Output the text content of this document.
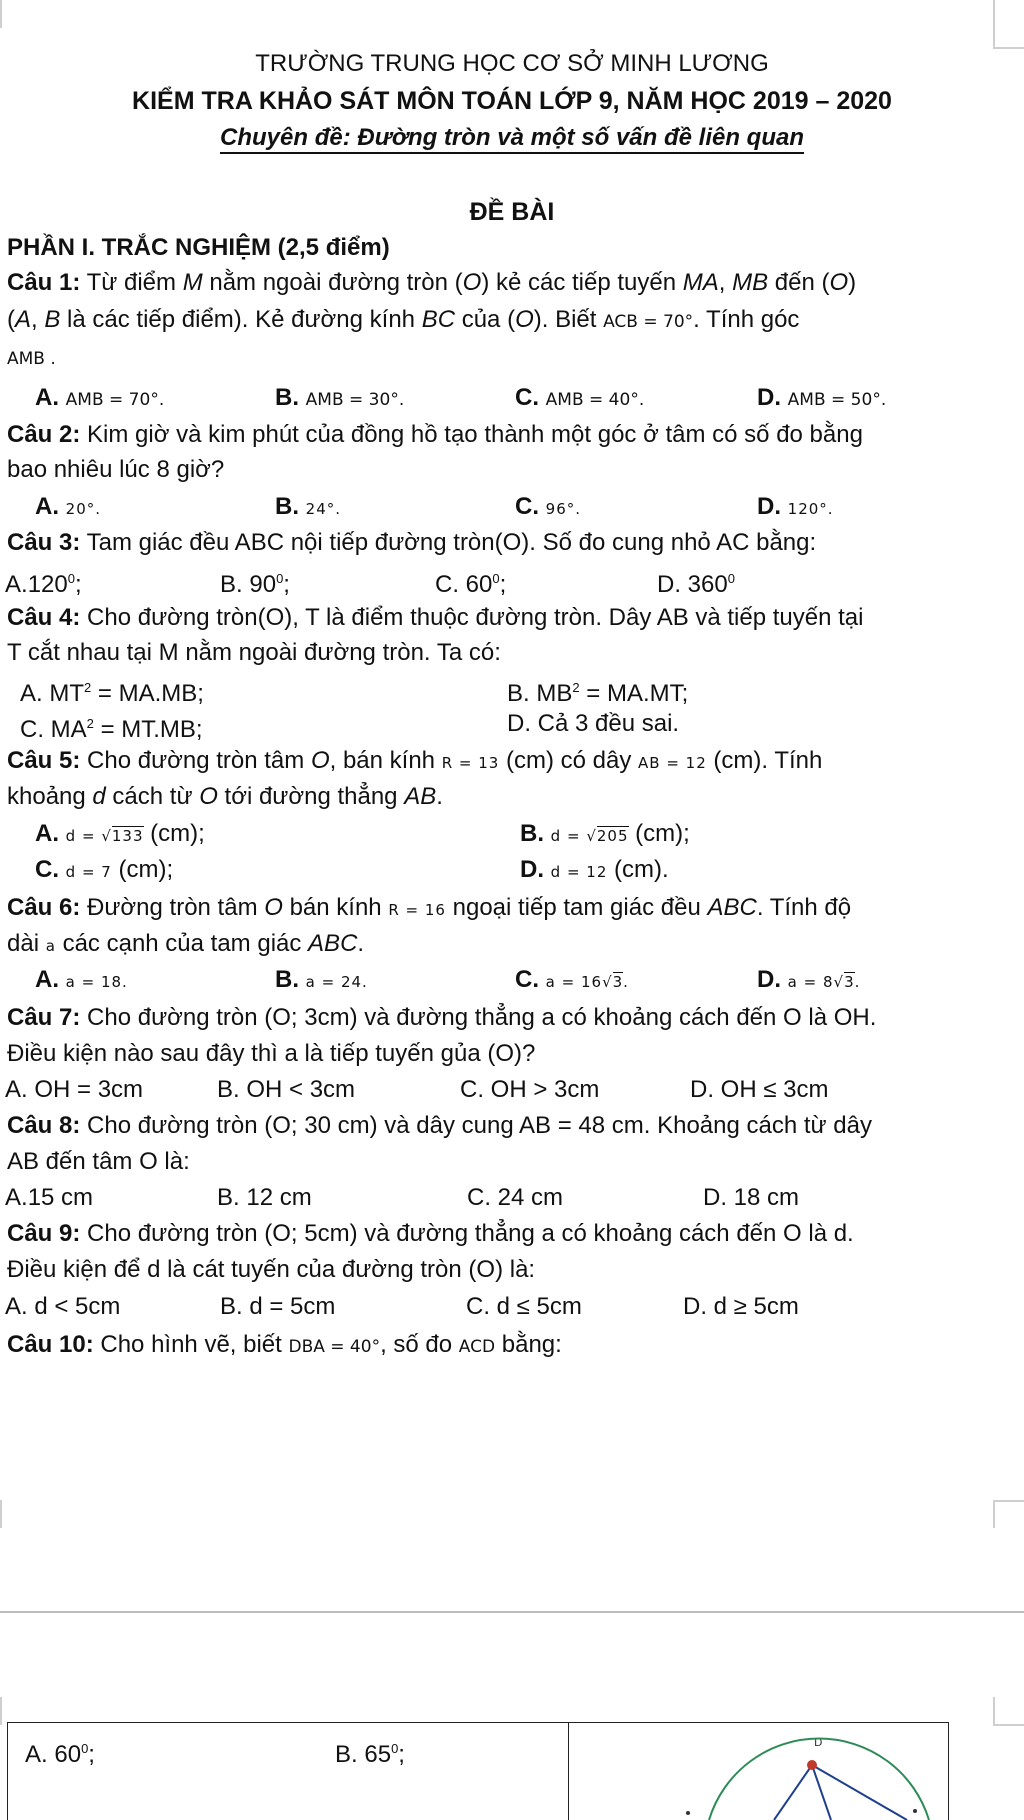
TRƯỜNG TRUNG HỌC CƠ SỞ MINH LƯƠNG
KIỂM TRA KHẢO SÁT MÔN TOÁN LỚP 9, NĂM HỌC 2019 – 2020
Chuyên đề: Đường tròn và một số vấn đề liên quan
ĐỀ BÀI
PHẦN I. TRẮC NGHIỆM (2,5 điểm)
Câu 1: Từ điểm M nằm ngoài đường tròn (O) kẻ các tiếp tuyến MA, MB đến (O)
(A, B là các tiếp điểm). Kẻ đường kính BC của (O). Biết ACB = 70°. Tính góc
AMB .
A. AMB = 70°.	B. AMB = 30°.	C. AMB = 40°.	D. AMB = 50°.
Câu 2: Kim giờ và kim phút của đồng hồ tạo thành một góc ở tâm có số đo bằng
bao nhiêu lúc 8 giờ?
A. 20°.	B. 24°.	C. 96°.	D. 120°.
Câu 3: Tam giác đều ABC nội tiếp đường tròn(O). Số đo cung nhỏ AC bằng:
A.120$^0$;	B. $90^0$;	C. $60^0$;	D. $360^0$
Câu 4: Cho đường tròn(O), T là điểm thuộc đường tròn. Dây AB và tiếp tuyến tại
T cắt nhau tại M nằm ngoài đường tròn. Ta có:
A. $MT^2 = MA.MB$;	B. $MB^2 = MA.MT$;
C. $MA^2 = MT.MB$;	D. Cả 3 đều sai.
Câu 5: Cho đường tròn tâm O, bán kính R = 13 (cm) có dây AB = 12 (cm). Tính
khoảng d cách từ O tới đường thẳng AB.
A. d = √133 (cm);	B. d = √205 (cm);
C. d = 7 (cm);	D. d = 12 (cm).
Câu 6: Đường tròn tâm O bán kính R = 16 ngoại tiếp tam giác đều ABC. Tính độ
dài a các cạnh của tam giác ABC.
A. a = 18.	B. a = 24.	C. a = 16√3.	D. a = 8√3.
Câu 7: Cho đường tròn (O; 3cm) và đường thẳng a có khoảng cách đến O là OH.
Điều kiện nào sau đây thì a là tiếp tuyến gủa (O)?
A. OH = 3cm	B. OH < 3cm	C. OH > 3cm	D. OH ≤ 3cm
Câu 8: Cho đường tròn (O; 30 cm) và dây cung AB = 48 cm. Khoảng cách từ dây
AB đến tâm O là:
A.15 cm	B. 12 cm	C. 24 cm	D. 18 cm
Câu 9: Cho đường tròn (O; 5cm) và đường thẳng a có khoảng cách đến O là d.
Điều kiện để d là cát tuyến của đường tròn (O) là:
A. d < 5cm	B. d = 5cm	C. d ≤ 5cm	D. d ≥ 5cm
Câu 10: Cho hình vẽ, biết DBA = 40°, số đo ACD bằng:
A. $60^0$;	B. $65^0$;	D
